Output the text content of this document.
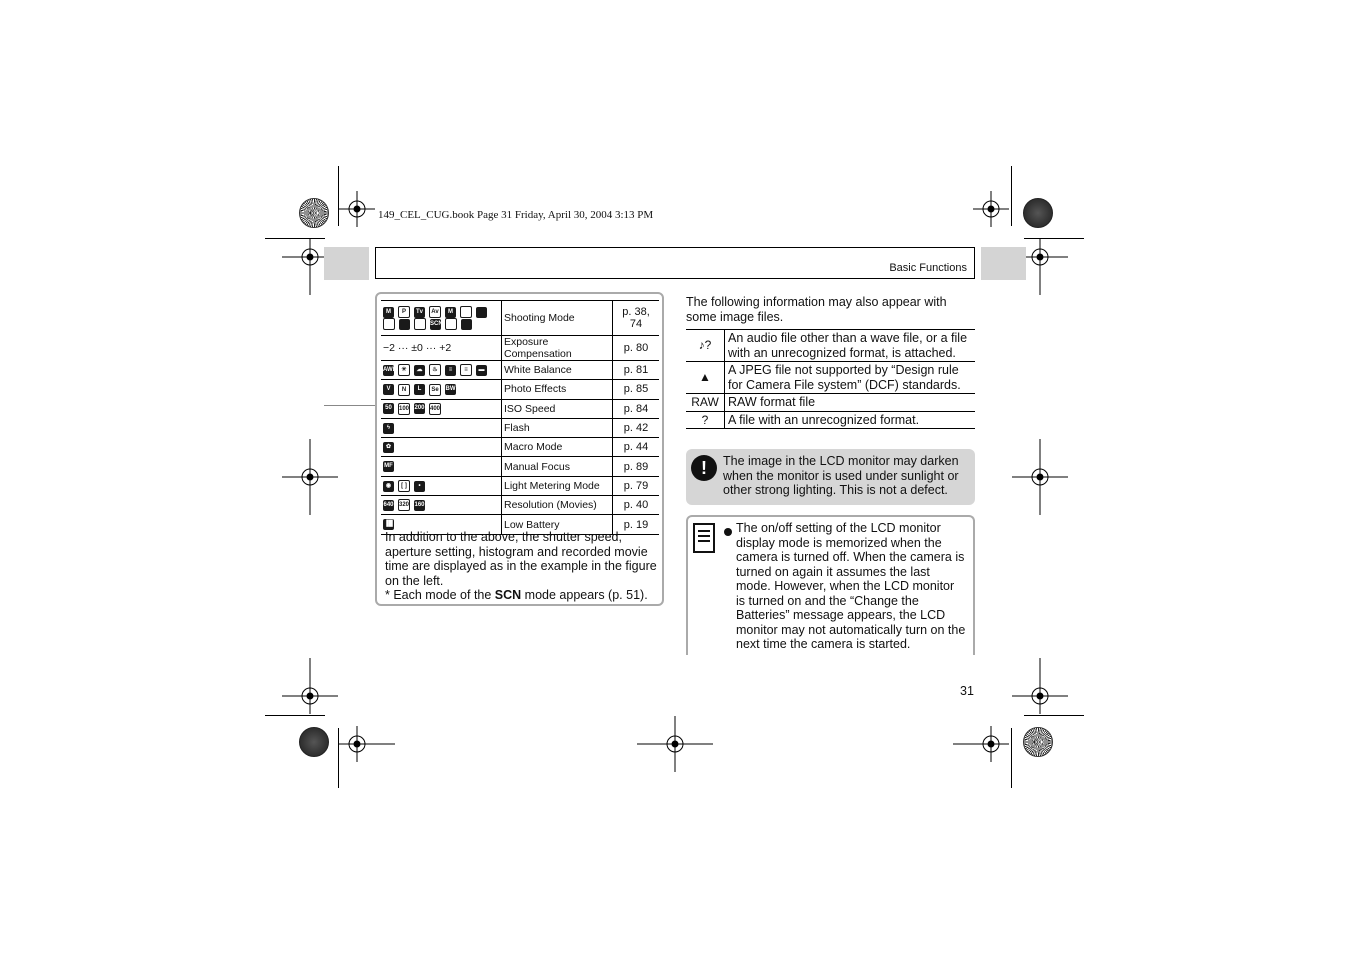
149_CEL_CUG.book Page 31 Friday, April 30, 2004 3:13 PM
Basic Functions
M P Tv Av MSCN	Shooting Mode	p. 38, 74
−2 ··· ±0 ··· +2	Exposure Compensation	p. 80
AWB ☀ ☁ ♨ ≡ ≡ ▬	White Balance	p. 81
V N L Se BW	Photo Effects	p. 85
50 100 200 400	ISO Speed	p. 84
ϟ	Flash	p. 42
✿	Macro Mode	p. 44
MF	Manual Focus	p. 89
◉ [ ] •	Light Metering Mode	p. 79
640 320 160	Resolution (Movies)	p. 40
▐█	Low Battery	p. 19
In addition to the above, the shutter speed, aperture setting, histogram and recorded movie time are displayed as in the example in the figure on the left.
* Each mode of the SCN mode appears (p. 51).
The following information may also appear with some image files.
♪?	An audio file other than a wave file, or a file with an unrecognized format, is attached.
▲	A JPEG file not supported by “Design rule for Camera File system” (DCF) standards.
RAW	RAW format file
?	A file with an unrecognized format.
!	The image in the LCD monitor may darken when the monitor is used under sunlight or other strong lighting. This is not a defect.
The on/off setting of the LCD monitor display mode is memorized when the camera is turned off. When the camera is turned on again it assumes the last mode. However, when the LCD monitor is turned on and the “Change the Batteries” message appears, the LCD monitor may not automatically turn on the next time the camera is started.
31
